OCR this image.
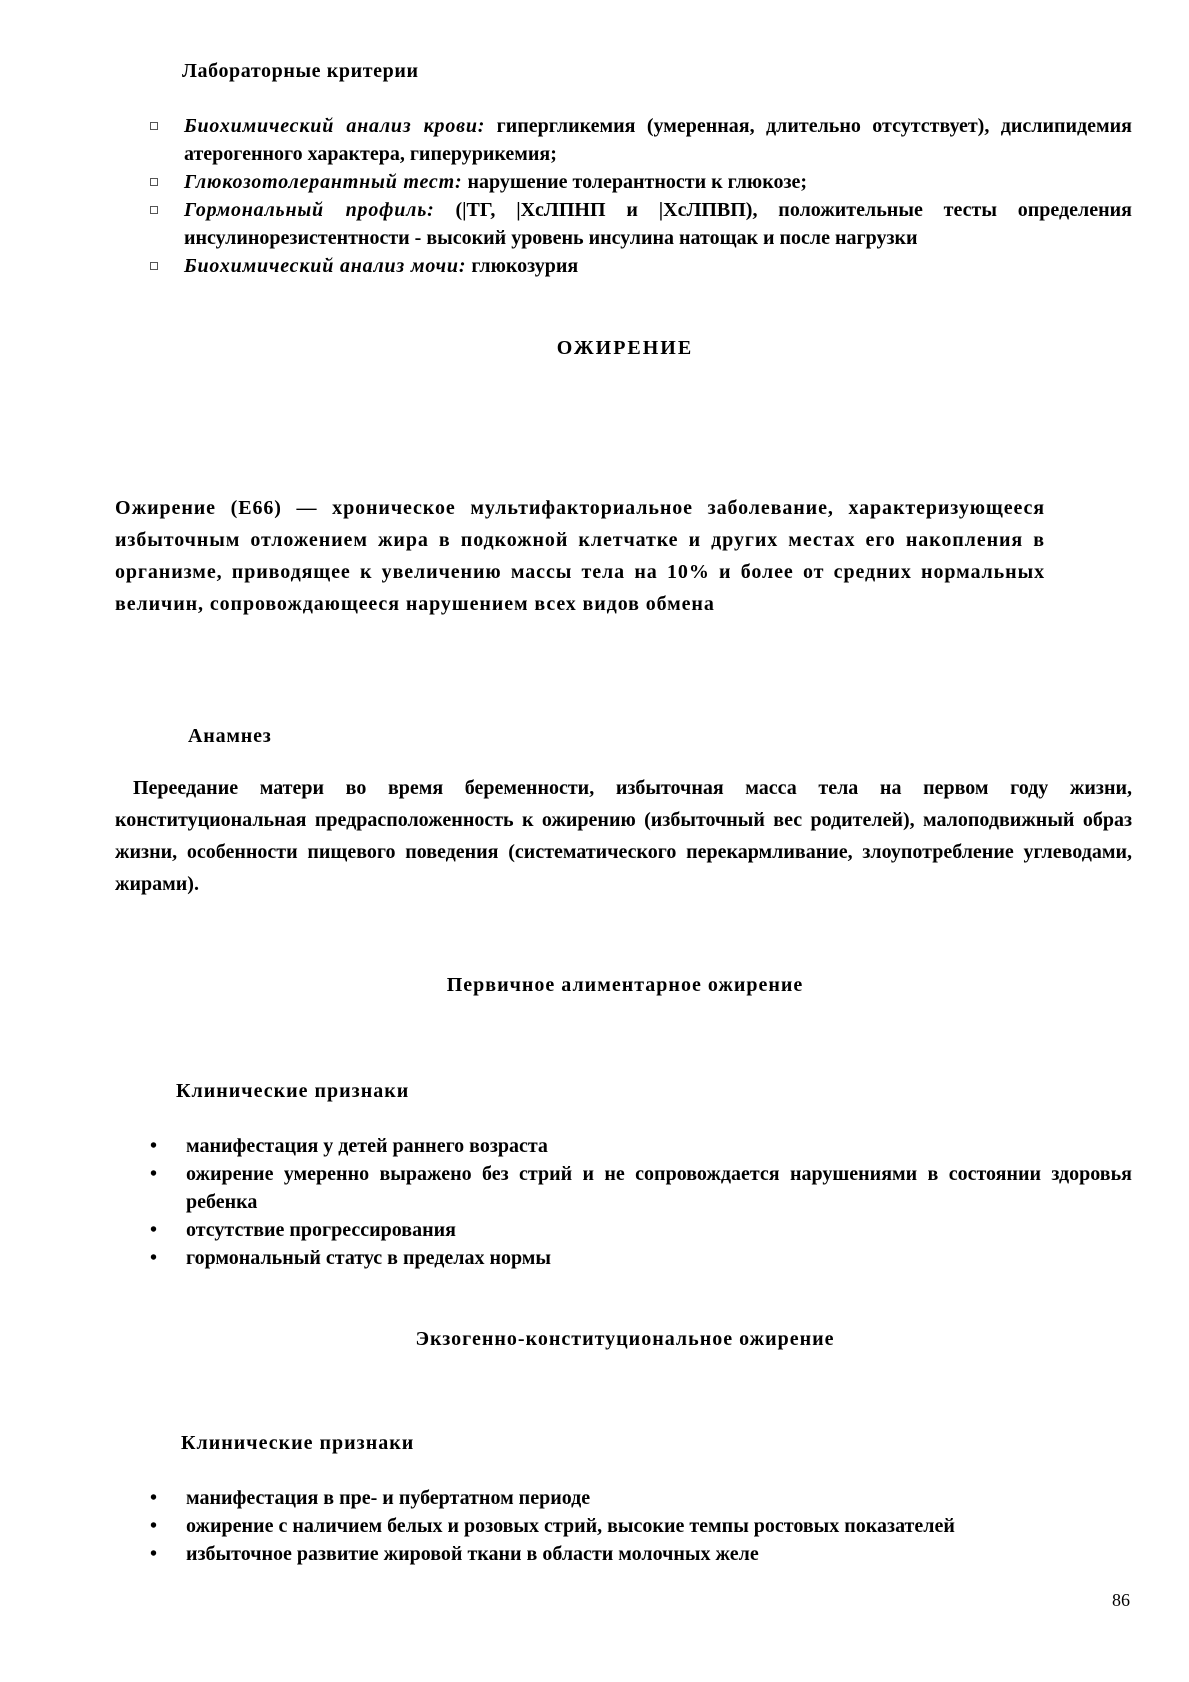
Лабораторные критерии

Биохимический анализ крови: гипергликемия (умеренная, длительно отсутствует), дислипидемия атерогенного характера, гиперурикемия;
Глюкозотолерантный тест: нарушение толерантности к глюкозе;
Гормональный профиль: (|ТГ, |ХсЛПНП и |ХсЛПВП), положительные тесты определения инсулинорезистентности - высокий уровень инсулина натощак и после нагрузки
Биохимический анализ мочи: глюкозурия

ОЖИРЕНИЕ

Ожирение (Е66) — хроническое мультифакториальное заболевание, характеризующееся избыточным отложением жира в подкожной клетчатке и других местах его накопления в организме, приводящее к увеличению массы тела на 10% и более от средних нормальных величин, сопровождающееся нарушением всех видов обмена

Анамнез

Переедание матери во время беременности, избыточная масса тела на первом году жизни, конституциональная предрасположенность к ожирению (избыточный вес родителей), малоподвижный образ жизни, особенности пищевого поведения (систематического перекармливание, злоупотребление углеводами, жирами).

Первичное алиментарное ожирение

Клинические признаки

• манифестация у детей раннего возраста
• ожирение умеренно выражено без стрий и не сопровождается нарушениями в состоянии здоровья ребенка
• отсутствие прогрессирования
• гормональный статус в пределах нормы

Экзогенно-конституциональное ожирение

Клинические признаки

• манифестация в пре- и пубертатном периоде
• ожирение с наличием белых и розовых стрий, высокие темпы ростовых показателей
• избыточное развитие жировой ткани в области молочных желе

86
